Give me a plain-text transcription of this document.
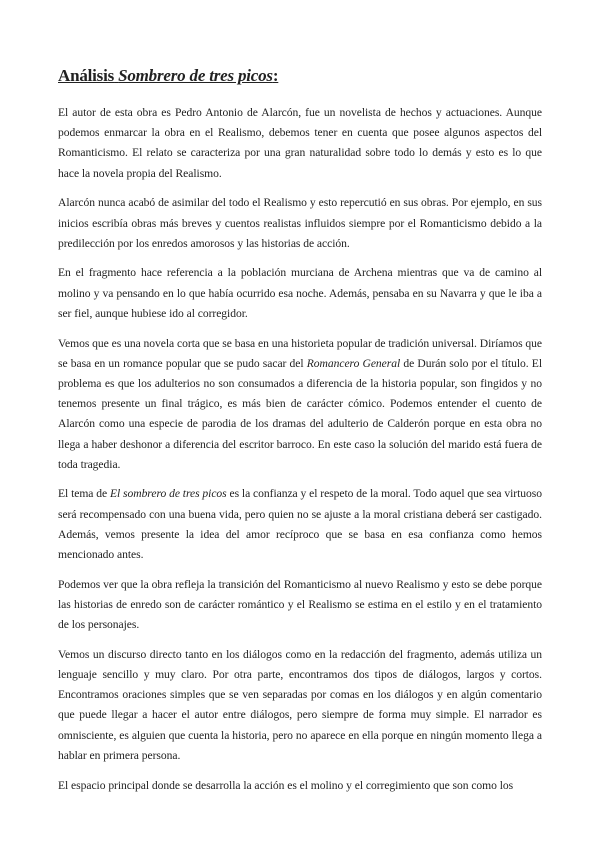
Análisis Sombrero de tres picos:

El autor de esta obra es Pedro Antonio de Alarcón, fue un novelista de hechos y actuaciones. Aunque podemos enmarcar la obra en el Realismo, debemos tener en cuenta que posee algunos aspectos del Romanticismo. El relato se caracteriza por una gran naturalidad sobre todo lo demás y esto es lo que hace la novela propia del Realismo.

Alarcón nunca acabó de asimilar del todo el Realismo y esto repercutió en sus obras. Por ejemplo, en sus inicios escribía obras más breves y cuentos realistas influidos siempre por el Romanticismo debido a la predilección por los enredos amorosos y las historias de acción.

En el fragmento hace referencia a la población murciana de Archena mientras que va de camino al molino y va pensando en lo que había ocurrido esa noche. Además, pensaba en su Navarra y que le iba a ser fiel, aunque hubiese ido al corregidor.

Vemos que es una novela corta que se basa en una historieta popular de tradición universal. Diríamos que se basa en un romance popular que se pudo sacar del Romancero General de Durán solo por el título. El problema es que los adulterios no son consumados a diferencia de la historia popular, son fingidos y no tenemos presente un final trágico, es más bien de carácter cómico. Podemos entender el cuento de Alarcón como una especie de parodia de los dramas del adulterio de Calderón porque en esta obra no llega a haber deshonor a diferencia del escritor barroco. En este caso la solución del marido está fuera de toda tragedia.

El tema de El sombrero de tres picos es la confianza y el respeto de la moral. Todo aquel que sea virtuoso será recompensado con una buena vida, pero quien no se ajuste a la moral cristiana deberá ser castigado. Además, vemos presente la idea del amor recíproco que se basa en esa confianza como hemos mencionado antes.

Podemos ver que la obra refleja la transición del Romanticismo al nuevo Realismo y esto se debe porque las historias de enredo son de carácter romántico y el Realismo se estima en el estilo y en el tratamiento de los personajes.

Vemos un discurso directo tanto en los diálogos como en la redacción del fragmento, además utiliza un lenguaje sencillo y muy claro. Por otra parte, encontramos dos tipos de diálogos, largos y cortos. Encontramos oraciones simples que se ven separadas por comas en los diálogos y en algún comentario que puede llegar a hacer el autor entre diálogos, pero siempre de forma muy simple. El narrador es omnisciente, es alguien que cuenta la historia, pero no aparece en ella porque en ningún momento llega a hablar en primera persona.

El espacio principal donde se desarrolla la acción es el molino y el corregimiento que son como los
